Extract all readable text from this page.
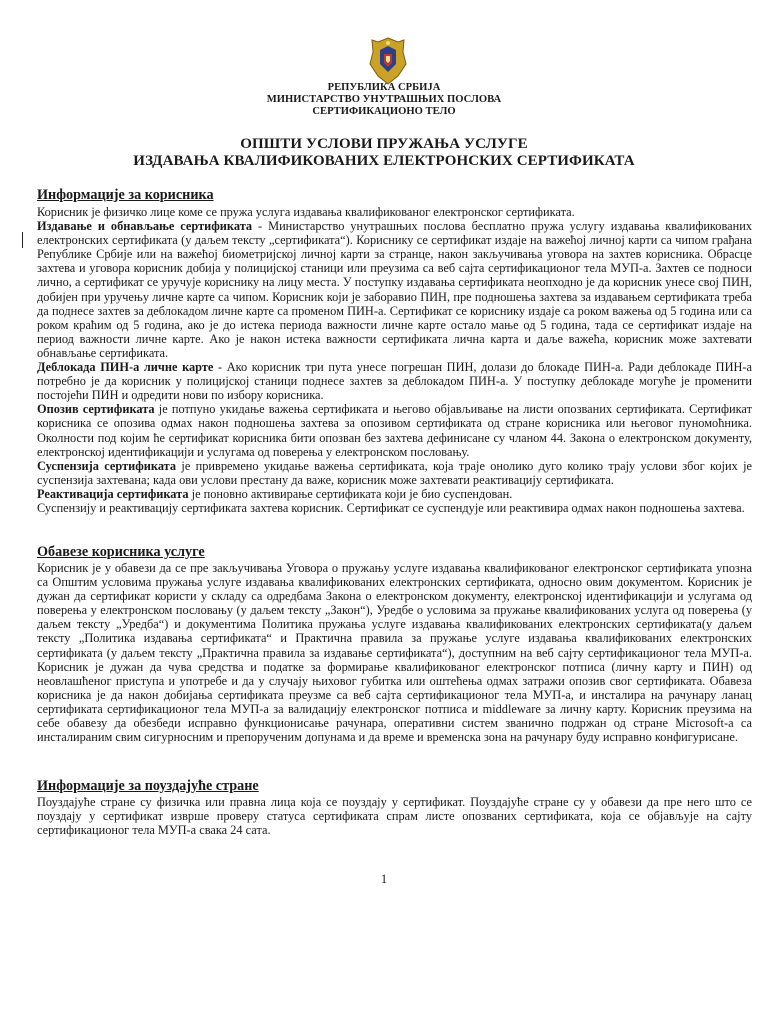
РЕПУБЛИКА СРБИЈА
МИНИСТАРСТВО УНУТРАШЊИХ ПОСЛОВА
СЕРТИФИКАЦИОНО ТЕЛО
ОПШТИ УСЛОВИ ПРУЖАЊА УСЛУГЕ
ИЗДАВАЊА КВАЛИФИКОВАНИХ ЕЛЕКТРОНСКИХ СЕРТИФИКАТА
Информације за корисника

Корисник је физичко лице коме се пружа услуга издавања квалификованог електронског сертификата.

Издавање и обнављање сертификата - Министарство унутрашњих послова бесплатно пружа услугу издавања квалификованих електронских сертификата (у даљем тексту „сертификата“). Кориснику се сертификат издаје на важећој личној карти са чипом грађана Републике Србије или на важећој биометријској личној карти за странце, након закључивања уговора на захтев корисника. Обрасце захтева и уговора корисник добија у полицијској станици или преузима са веб сајта сертификационог тела МУП-а. Захтев се подноси лично, а сертификат се уручује кориснику на лицу места. У поступку издавања сертификата неопходно је да корисник унесе свој ПИН, добијен при уручењу личне карте са чипом. Корисник који је заборавио ПИН, пре подношења захтева за издавањем сертификата треба да поднесе захтев за деблокадом личне карте са променом ПИН-а. Сертификат се кориснику издаје са роком важења од 5 година или са роком краћим од 5 година, ако је до истека периода важности личне карте остало мање од 5 година, тада се сертификат издаје на период важности личне карте. Ако је након истека важности сертификата лична карта и даље важећа, корисник може захтевати обнављање сертификата.

Деблокада ПИН-а личне карте - Ако корисник три пута унесе погрешан ПИН, долази до блокаде ПИН-а. Ради деблокаде ПИН-а потребно је да корисник у полицијској станици поднесе захтев за деблокадом ПИН-а. У поступку деблокаде могуће је променити постојећи ПИН и одредити нови по избору корисника.

Опозив сертификата је потпуно укидање важења сертификата и његово објављивање на листи опозваних сертификата. Сертификат корисника се опозива одмах након подношења захтева за опозивом сертификата од стране корисника или његовог пуномоћника. Околности под којим ће сертификат корисника бити опозван без захтева дефинисане су чланом 44. Закона о електронском документу, електронској идентификацији и услугама од поверења у електронском пословању.

Суспензија сертификата је привремено укидање важења сертификата, која траје онолико дуго колико трају услови због којих је суспензија захтевана; када ови услови престану да важе, корисник може захтевати реактивацију сертификата.

Реактивација сертификата је поновно активирање сертификата који је био суспендован.

Суспензију и реактивацију сертификата захтева корисник. Сертификат се суспендује или реактивира одмах након подношења захтева.

Обавезе корисника услуге

Корисник је у обавези да се пре закључивања Уговора о пружању услуге издавања квалификованог електронског сертификата упозна са Општим условима пружања услуге издавања квалификованих електронских сертификата, односно овим документом. Корисник је дужан да сертификат користи у складу са одредбама Закона о електронском документу, електронској идентификацији и услугама од поверења у електронском пословању (у даљем тексту „Закон“), Уредбе о условима за пружање квалификованих услуга од поверења (у даљем тексту „Уредба“) и документима Политика пружања услуге издавања квалификованих електронских сертификата(у даљем тексту „Политика издавања сертификата“ и Практична правила за пружање услуге издавања квалификованих електронских сертификата (у даљем тексту „Практична правила за издавање сертификата“), доступним на веб сајту сертификационог тела МУП-а. Корисник је дужан да чува средства и податке за формирање квалификованог електронског потписа (личну карту и ПИН) од неовлашћеног приступа и употребе и да у случају њиховог губитка или оштећења одмах затражи опозив свог сертификата. Обавеза корисника је да након добијања сертификата преузме са веб сајта сертификационог тела МУП-а, и инсталира на рачунару ланац сертификата сертификационог тела МУП-а за валидацију електронског потписа и middleware за личну карту. Корисник преузима на себе обавезу да обезбеди исправно функционисање рачунара, оперативни систем званично подржан од стране Microsoft-а са инсталираним свим сигурносним и препорученим допунама и да време и временска зона на рачунару буду исправно конфигурисане.

Информације за поуздајуће стране

Поуздајуће стране су физичка или правна лица која се поуздају у сертификат. Поуздајуће стране су у обавези да пре него што се поуздају у сертификат изврше проверу статуса сертификата спрам листе опозваних сертификата, која се објављује на сајту сертификационог тела МУП-а свака 24 сата.

1
